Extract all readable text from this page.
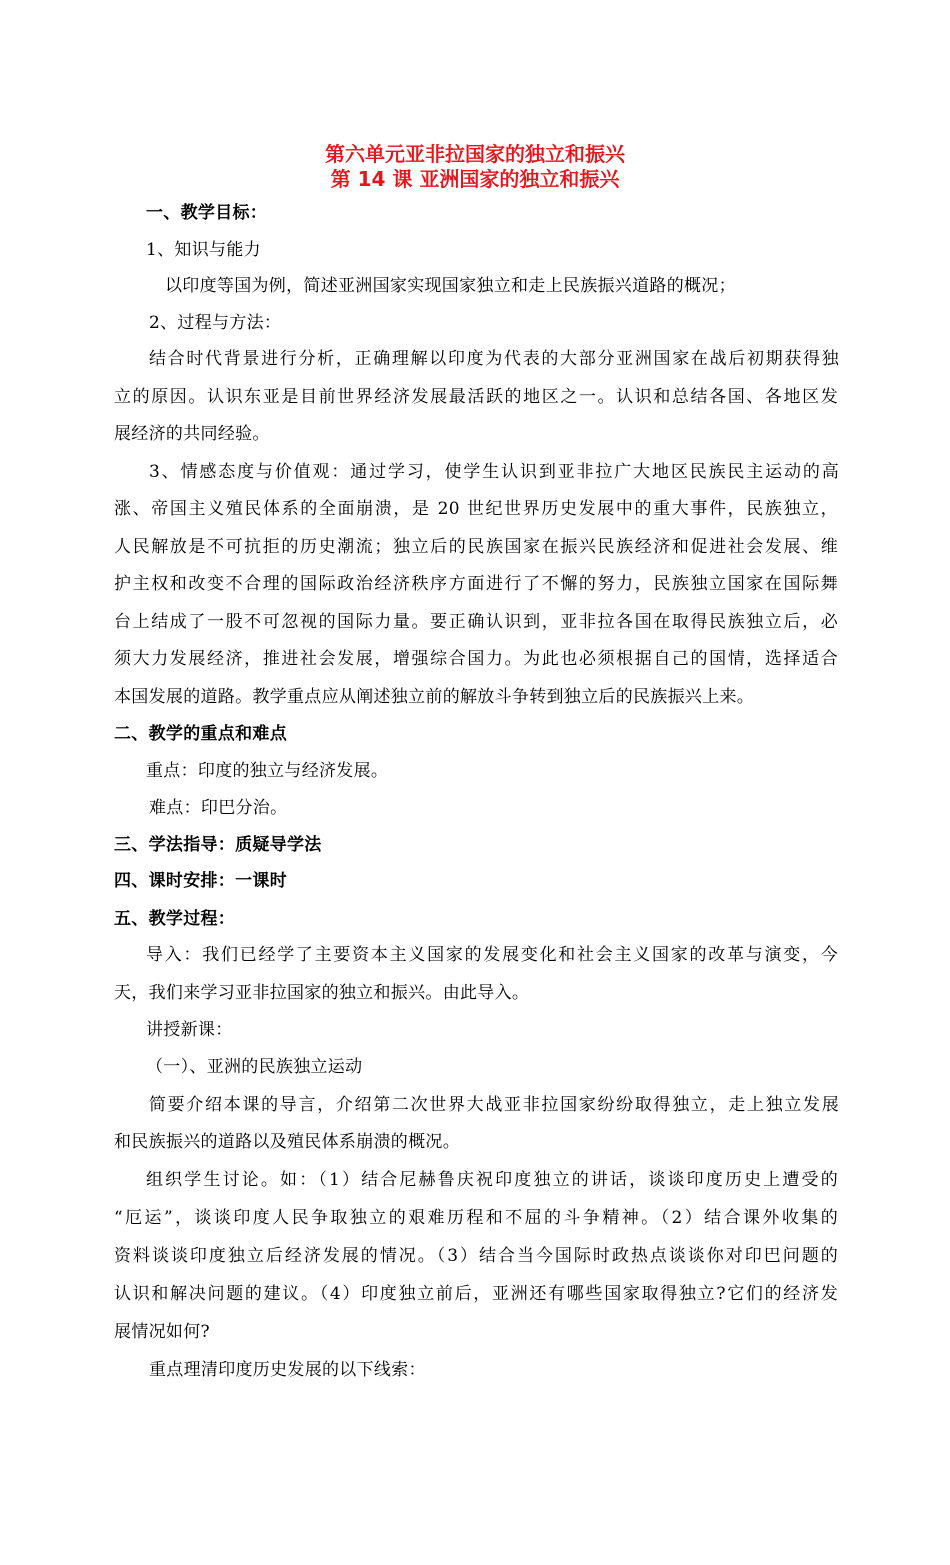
第六单元亚非拉国家的独立和振兴
第 14 课 亚洲国家的独立和振兴
一、教学目标：
1、知识与能力
以印度等国为例，简述亚洲国家实现国家独立和走上民族振兴道路的概况；
2、过程与方法：
结合时代背景进行分析，正确理解以印度为代表的大部分亚洲国家在战后初期获得独
立的原因。认识东亚是目前世界经济发展最活跃的地区之一。认识和总结各国、各地区发
展经济的共同经验。
3、情感态度与价值观：通过学习，使学生认识到亚非拉广大地区民族民主运动的高
涨、帝国主义殖民体系的全面崩溃，是 20 世纪世界历史发展中的重大事件，民族独立，
人民解放是不可抗拒的历史潮流；独立后的民族国家在振兴民族经济和促进社会发展、维
护主权和改变不合理的国际政治经济秩序方面进行了不懈的努力，民族独立国家在国际舞
台上结成了一股不可忽视的国际力量。要正确认识到，亚非拉各国在取得民族独立后，必
须大力发展经济，推进社会发展，增强综合国力。为此也必须根据自己的国情，选择适合
本国发展的道路。教学重点应从阐述独立前的解放斗争转到独立后的民族振兴上来。
二、教学的重点和难点
重点：印度的独立与经济发展。
难点：印巴分治。
三、学法指导：质疑导学法
四、课时安排：一课时
五、教学过程：
导入：我们已经学了主要资本主义国家的发展变化和社会主义国家的改革与演变，今
天，我们来学习亚非拉国家的独立和振兴。由此导入。
讲授新课：
（一）、亚洲的民族独立运动
简要介绍本课的导言，介绍第二次世界大战亚非拉国家纷纷取得独立，走上独立发展
和民族振兴的道路以及殖民体系崩溃的概况。
组织学生讨论。如：（1）结合尼赫鲁庆祝印度独立的讲话，谈谈印度历史上遭受的
“厄运”，谈谈印度人民争取独立的艰难历程和不屈的斗争精神。（2）结合课外收集的
资料谈谈印度独立后经济发展的情况。（3）结合当今国际时政热点谈谈你对印巴问题的
认识和解决问题的建议。（4）印度独立前后，亚洲还有哪些国家取得独立?它们的经济发
展情况如何?
重点理清印度历史发展的以下线索：
